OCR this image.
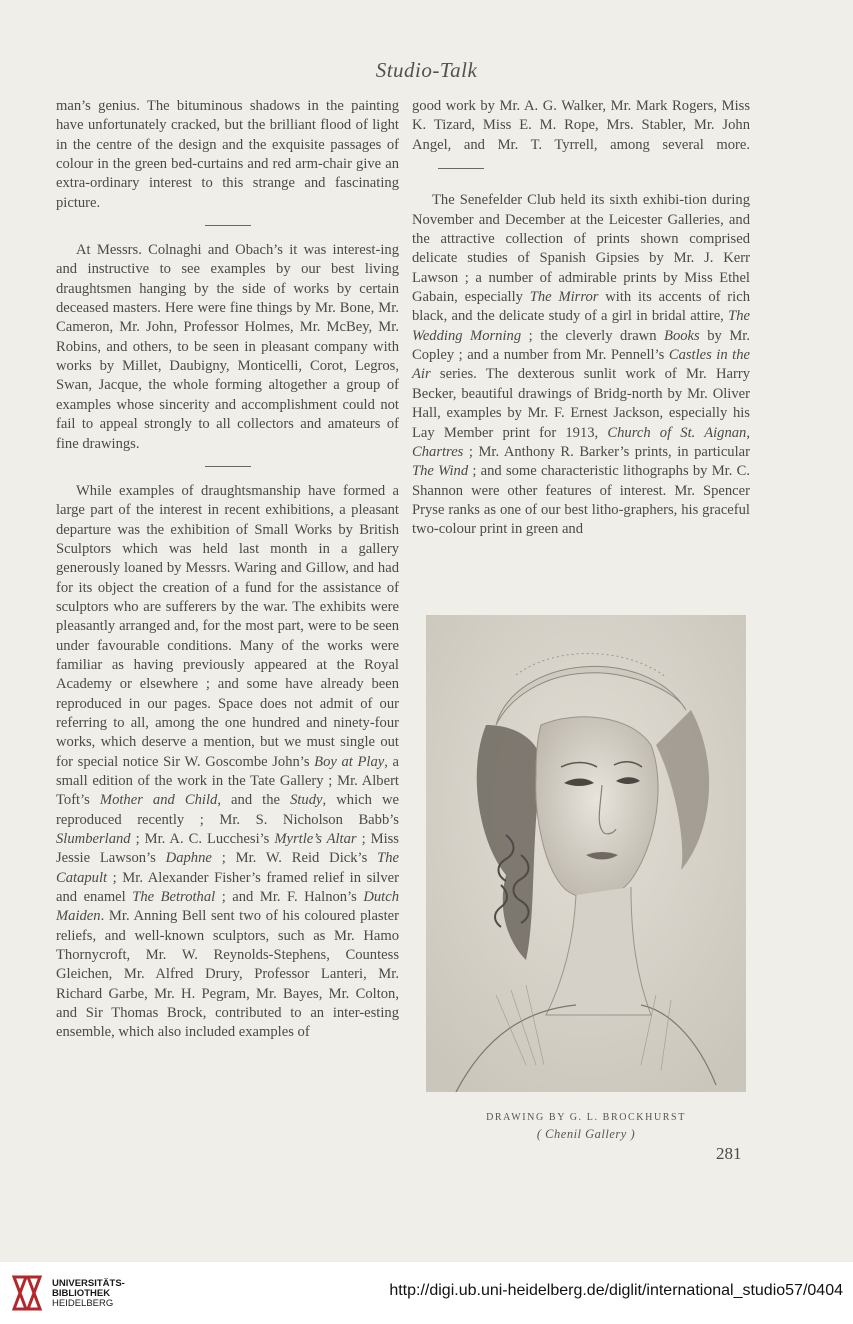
Studio-Talk

man’s genius. The bituminous shadows in the painting have unfortunately cracked, but the brilliant flood of light in the centre of the design and the exquisite passages of colour in the green bed-curtains and red arm-chair give an extra-ordinary interest to this strange and fascinating picture.

At Messrs. Colnaghi and Obach’s it was interest-ing and instructive to see examples by our best living draughtsmen hanging by the side of works by certain deceased masters. Here were fine things by Mr. Bone, Mr. Cameron, Mr. John, Professor Holmes, Mr. McBey, Mr. Robins, and others, to be seen in pleasant company with works by Millet, Daubigny, Monticelli, Corot, Legros, Swan, Jacque, the whole forming altogether a group of examples whose sincerity and accomplishment could not fail to appeal strongly to all collectors and amateurs of fine drawings.

While examples of draughtsmanship have formed a large part of the interest in recent exhibitions, a pleasant departure was the exhibition of Small Works by British Sculptors which was held last month in a gallery generously loaned by Messrs. Waring and Gillow, and had for its object the creation of a fund for the assistance of sculptors who are sufferers by the war. The exhibits were pleasantly arranged and, for the most part, were to be seen under favourable conditions. Many of the works were familiar as having previously appeared at the Royal Academy or elsewhere ; and some have already been reproduced in our pages. Space does not admit of our referring to all, among the one hundred and ninety-four works, which deserve a mention, but we must single out for special notice Sir W. Goscombe John’s Boy at Play, a small edition of the work in the Tate Gallery ; Mr. Albert Toft’s Mother and Child, and the Study, which we reproduced recently ; Mr. S. Nicholson Babb’s Slumberland ; Mr. A. C. Lucchesi’s Myrtle’s Altar ; Miss Jessie Lawson’s Daphne ; Mr. W. Reid Dick’s The Catapult ; Mr. Alexander Fisher’s framed relief in silver and enamel The Betrothal ; and Mr. F. Halnon’s Dutch Maiden. Mr. Anning Bell sent two of his coloured plaster reliefs, and well-known sculptors, such as Mr. Hamo Thornycroft, Mr. W. Reynolds-Stephens, Countess Gleichen, Mr. Alfred Drury, Professor Lanteri, Mr. Richard Garbe, Mr. H. Pegram, Mr. Bayes, Mr. Colton, and Sir Thomas Brock, contributed to an inter-esting ensemble, which also included examples of

good work by Mr. A. G. Walker, Mr. Mark Rogers, Miss K. Tizard, Miss E. M. Rope, Mrs. Stabler, Mr. John Angel, and Mr. T. Tyrrell, among several more.

The Senefelder Club held its sixth exhibi-tion during November and December at the Leicester Galleries, and the attractive collection of prints shown comprised delicate studies of Spanish Gipsies by Mr. J. Kerr Lawson ; a number of admirable prints by Miss Ethel Gabain, especially The Mirror with its accents of rich black, and the delicate study of a girl in bridal attire, The Wedding Morning ; the cleverly drawn Books by Mr. Copley ; and a number from Mr. Pennell’s Castles in the Air series. The dexterous sunlit work of Mr. Harry Becker, beautiful drawings of Bridg-north by Mr. Oliver Hall, examples by Mr. F. Ernest Jackson, especially his Lay Member print for 1913, Church of St. Aignan, Chartres ; Mr. Anthony R. Barker’s prints, in particular The Wind ; and some characteristic lithographs by Mr. C. Shannon were other features of interest. Mr. Spencer Pryse ranks as one of our best litho-graphers, his graceful two-colour print in green and

DRAWING BY G. L. BROCKHURST
( Chenil Gallery )
281
UNIVERSITÄTS-
BIBLIOTHEK
HEIDELBERG
http://digi.ub.uni-heidelberg.de/diglit/international_studio57/0404
